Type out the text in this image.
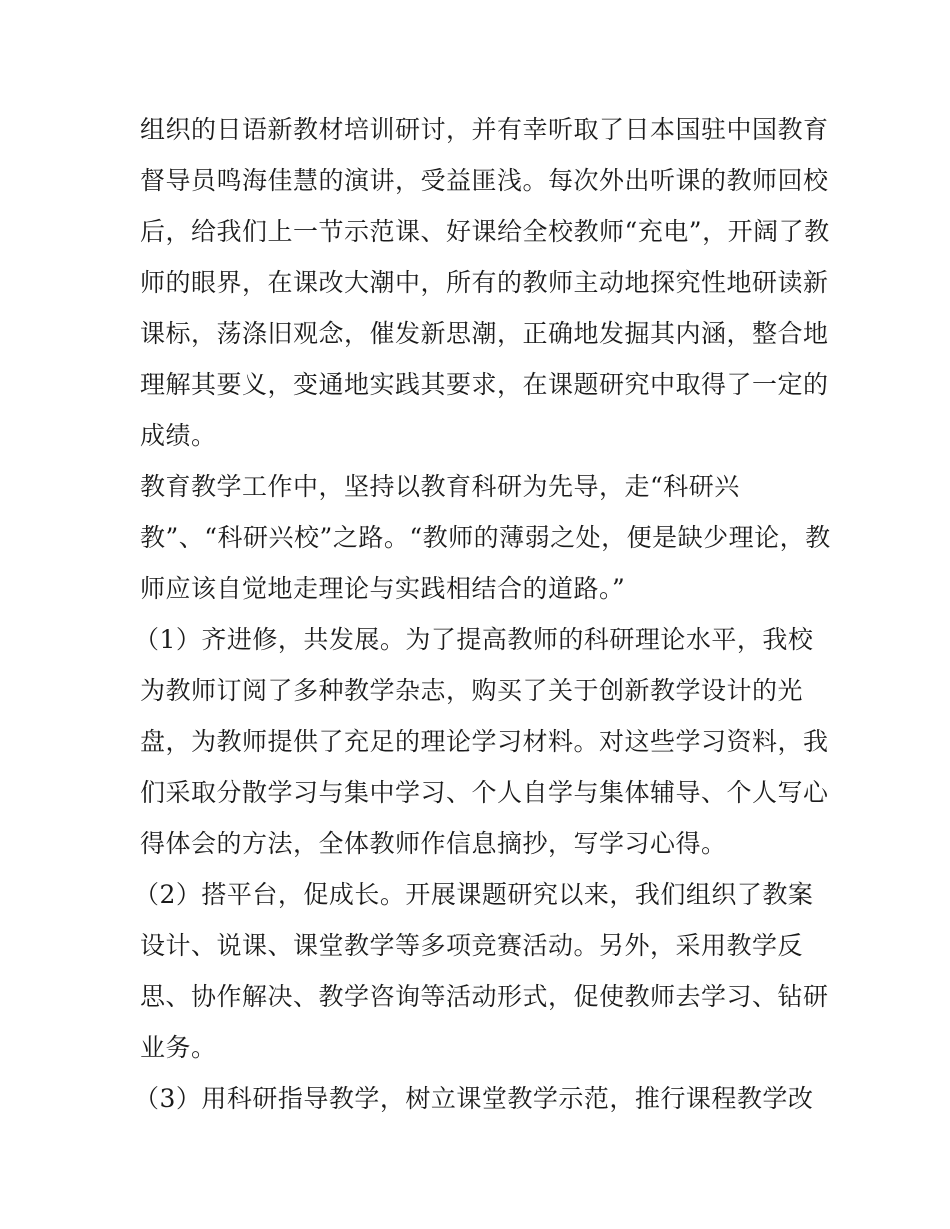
组织的日语新教材培训研讨，并有幸听取了日本国驻中国教育
督导员鸣海佳慧的演讲，受益匪浅。每次外出听课的教师回校
后，给我们上一节示范课、好课给全校教师“充电”，开阔了教
师的眼界，在课改大潮中，所有的教师主动地探究性地研读新
课标，荡涤旧观念，催发新思潮，正确地发掘其内涵，整合地
理解其要义，变通地实践其要求，在课题研究中取得了一定的
成绩。
教育教学工作中，坚持以教育科研为先导，走“科研兴
教”、“科研兴校”之路。“教师的薄弱之处，便是缺少理论，教
师应该自觉地走理论与实践相结合的道路。”
（1）齐进修，共发展。为了提高教师的科研理论水平，我校
为教师订阅了多种教学杂志，购买了关于创新教学设计的光
盘，为教师提供了充足的理论学习材料。对这些学习资料，我
们采取分散学习与集中学习、个人自学与集体辅导、个人写心
得体会的方法，全体教师作信息摘抄，写学习心得。
（2）搭平台，促成长。开展课题研究以来，我们组织了教案
设计、说课、课堂教学等多项竞赛活动。另外，采用教学反
思、协作解决、教学咨询等活动形式，促使教师去学习、钻研
业务。
（3）用科研指导教学，树立课堂教学示范，推行课程教学改
